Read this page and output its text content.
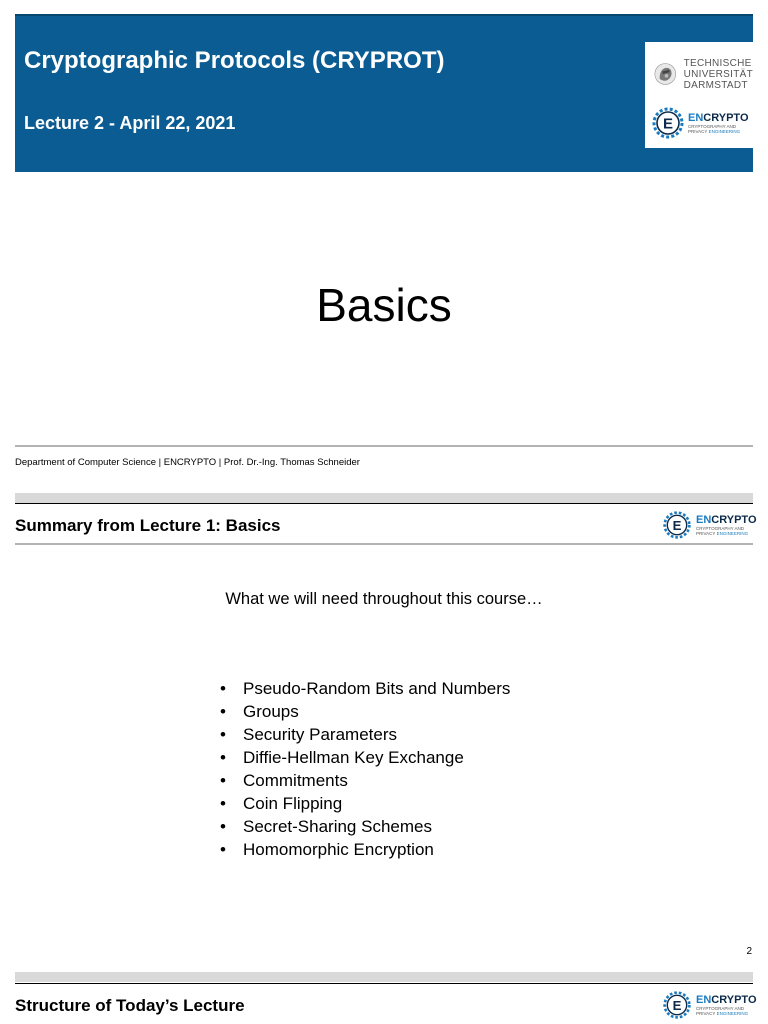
Cryptographic Protocols (CRYPROT)
Lecture 2 - April 22, 2021
TECHNISCHE
UNIVERSITÄT
DARMSTADT
E ENCRYPTO
CRYPTOGRAPHY AND
PRIVACY ENGINEERING
Basics
Department of Computer Science | ENCRYPTO | Prof. Dr.-Ing. Thomas Schneider
Summary from Lecture 1: Basics	E ENCRYPTO
CRYPTOGRAPHY AND
PRIVACY ENGINEERING
What we will need throughout this course…
• Pseudo-Random Bits and Numbers
• Groups
• Security Parameters
• Diffie-Hellman Key Exchange
• Commitments
• Coin Flipping
• Secret-Sharing Schemes
• Homomorphic Encryption
2
Structure of Today’s Lecture	E ENCRYPTO
CRYPTOGRAPHY AND
PRIVACY ENGINEERING
